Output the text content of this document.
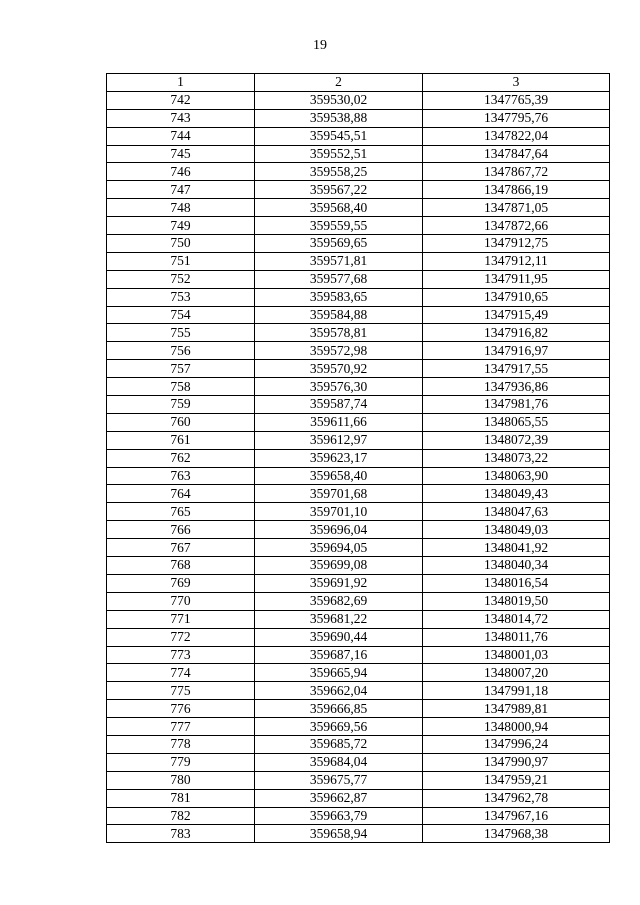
19
1	2	3
742	359530,02	1347765,39
743	359538,88	1347795,76
744	359545,51	1347822,04
745	359552,51	1347847,64
746	359558,25	1347867,72
747	359567,22	1347866,19
748	359568,40	1347871,05
749	359559,55	1347872,66
750	359569,65	1347912,75
751	359571,81	1347912,11
752	359577,68	1347911,95
753	359583,65	1347910,65
754	359584,88	1347915,49
755	359578,81	1347916,82
756	359572,98	1347916,97
757	359570,92	1347917,55
758	359576,30	1347936,86
759	359587,74	1347981,76
760	359611,66	1348065,55
761	359612,97	1348072,39
762	359623,17	1348073,22
763	359658,40	1348063,90
764	359701,68	1348049,43
765	359701,10	1348047,63
766	359696,04	1348049,03
767	359694,05	1348041,92
768	359699,08	1348040,34
769	359691,92	1348016,54
770	359682,69	1348019,50
771	359681,22	1348014,72
772	359690,44	1348011,76
773	359687,16	1348001,03
774	359665,94	1348007,20
775	359662,04	1347991,18
776	359666,85	1347989,81
777	359669,56	1348000,94
778	359685,72	1347996,24
779	359684,04	1347990,97
780	359675,77	1347959,21
781	359662,87	1347962,78
782	359663,79	1347967,16
783	359658,94	1347968,38
